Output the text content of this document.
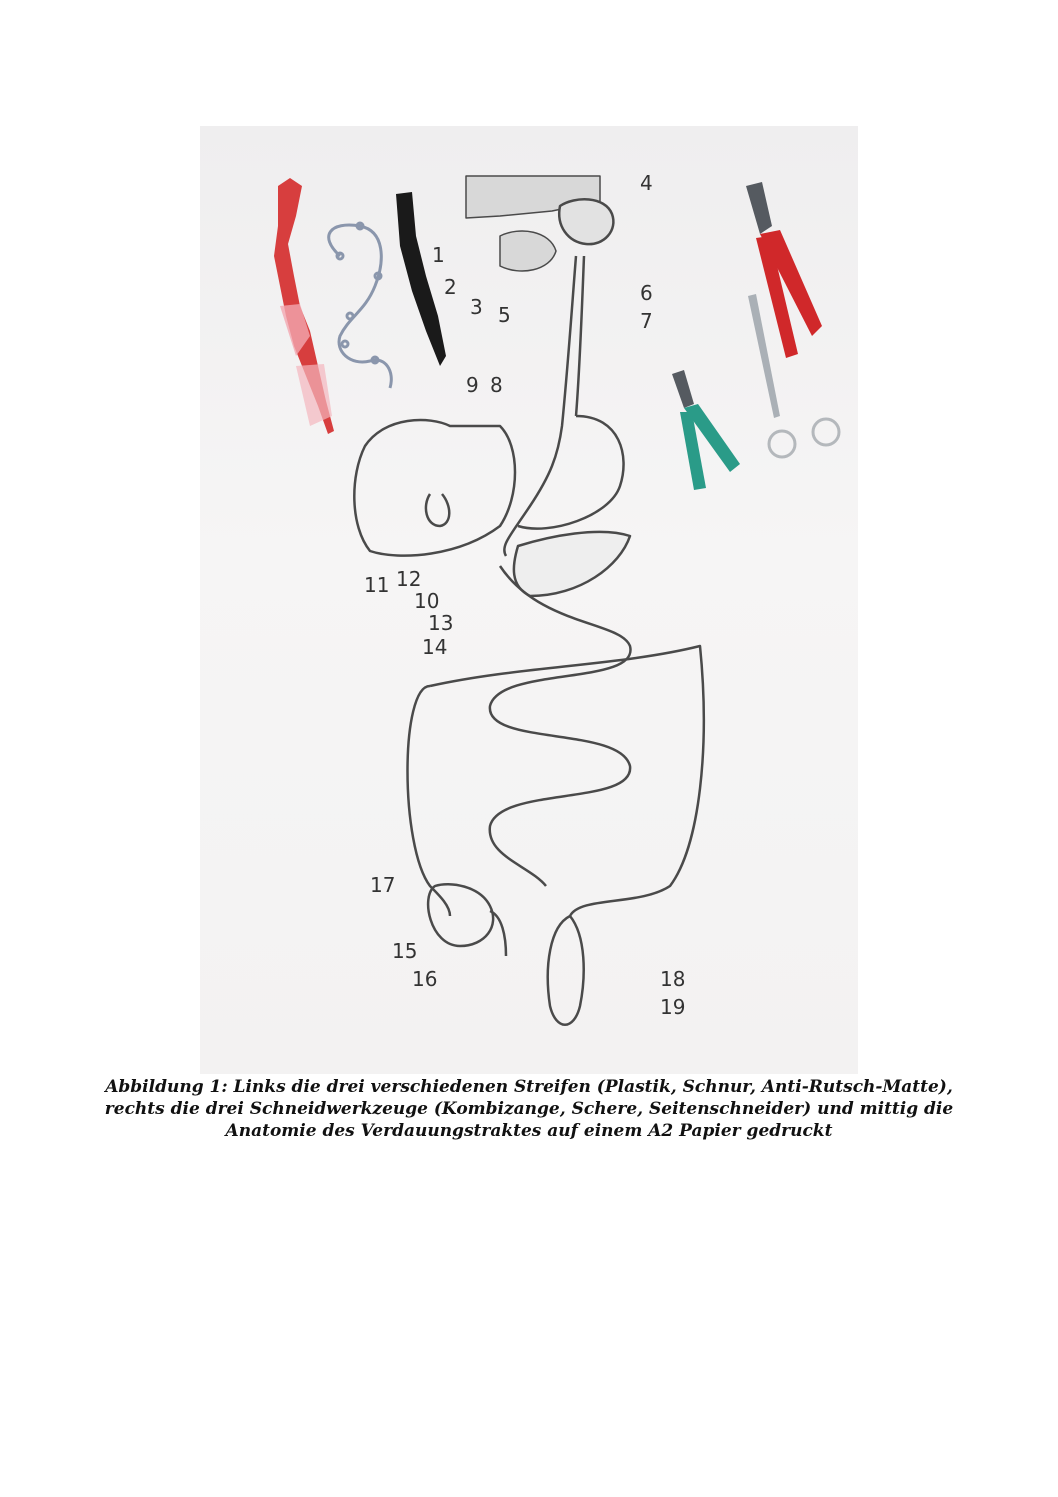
1
2
3
4
5
6
7
8
9
10
11 12
13
14
15
16
17
18
19
Abbildung 1: Links die drei verschiedenen Streifen (Plastik, Schnur, Anti-Rutsch-Matte),
rechts die drei Schneidwerkzeuge (Kombizange, Schere, Seitenschneider) und mittig die
Anatomie des Verdauungstraktes auf einem A2 Papier gedruckt
